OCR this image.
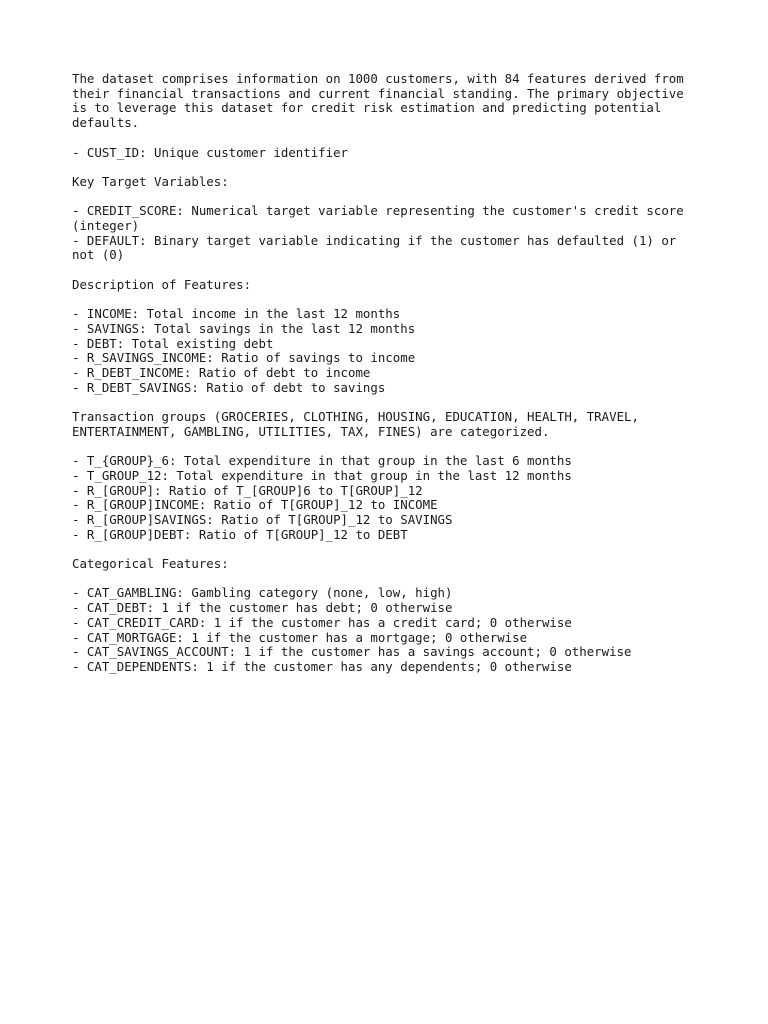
The dataset comprises information on 1000 customers, with 84 features derived from
their financial transactions and current financial standing. The primary objective
is to leverage this dataset for credit risk estimation and predicting potential
defaults.
- CUST_ID: Unique customer identifier
Key Target Variables:
- CREDIT_SCORE: Numerical target variable representing the customer's credit score
(integer)
- DEFAULT: Binary target variable indicating if the customer has defaulted (1) or
not (0)
Description of Features:
- INCOME: Total income in the last 12 months
- SAVINGS: Total savings in the last 12 months
- DEBT: Total existing debt
- R_SAVINGS_INCOME: Ratio of savings to income
- R_DEBT_INCOME: Ratio of debt to income
- R_DEBT_SAVINGS: Ratio of debt to savings
Transaction groups (GROCERIES, CLOTHING, HOUSING, EDUCATION, HEALTH, TRAVEL,
ENTERTAINMENT, GAMBLING, UTILITIES, TAX, FINES) are categorized.
- T_{GROUP}_6: Total expenditure in that group in the last 6 months
- T_GROUP_12: Total expenditure in that group in the last 12 months
- R_[GROUP]: Ratio of T_[GROUP]6 to T[GROUP]_12
- R_[GROUP]INCOME: Ratio of T[GROUP]_12 to INCOME
- R_[GROUP]SAVINGS: Ratio of T[GROUP]_12 to SAVINGS
- R_[GROUP]DEBT: Ratio of T[GROUP]_12 to DEBT
Categorical Features:
- CAT_GAMBLING: Gambling category (none, low, high)
- CAT_DEBT: 1 if the customer has debt; 0 otherwise
- CAT_CREDIT_CARD: 1 if the customer has a credit card; 0 otherwise
- CAT_MORTGAGE: 1 if the customer has a mortgage; 0 otherwise
- CAT_SAVINGS_ACCOUNT: 1 if the customer has a savings account; 0 otherwise
- CAT_DEPENDENTS: 1 if the customer has any dependents; 0 otherwise
